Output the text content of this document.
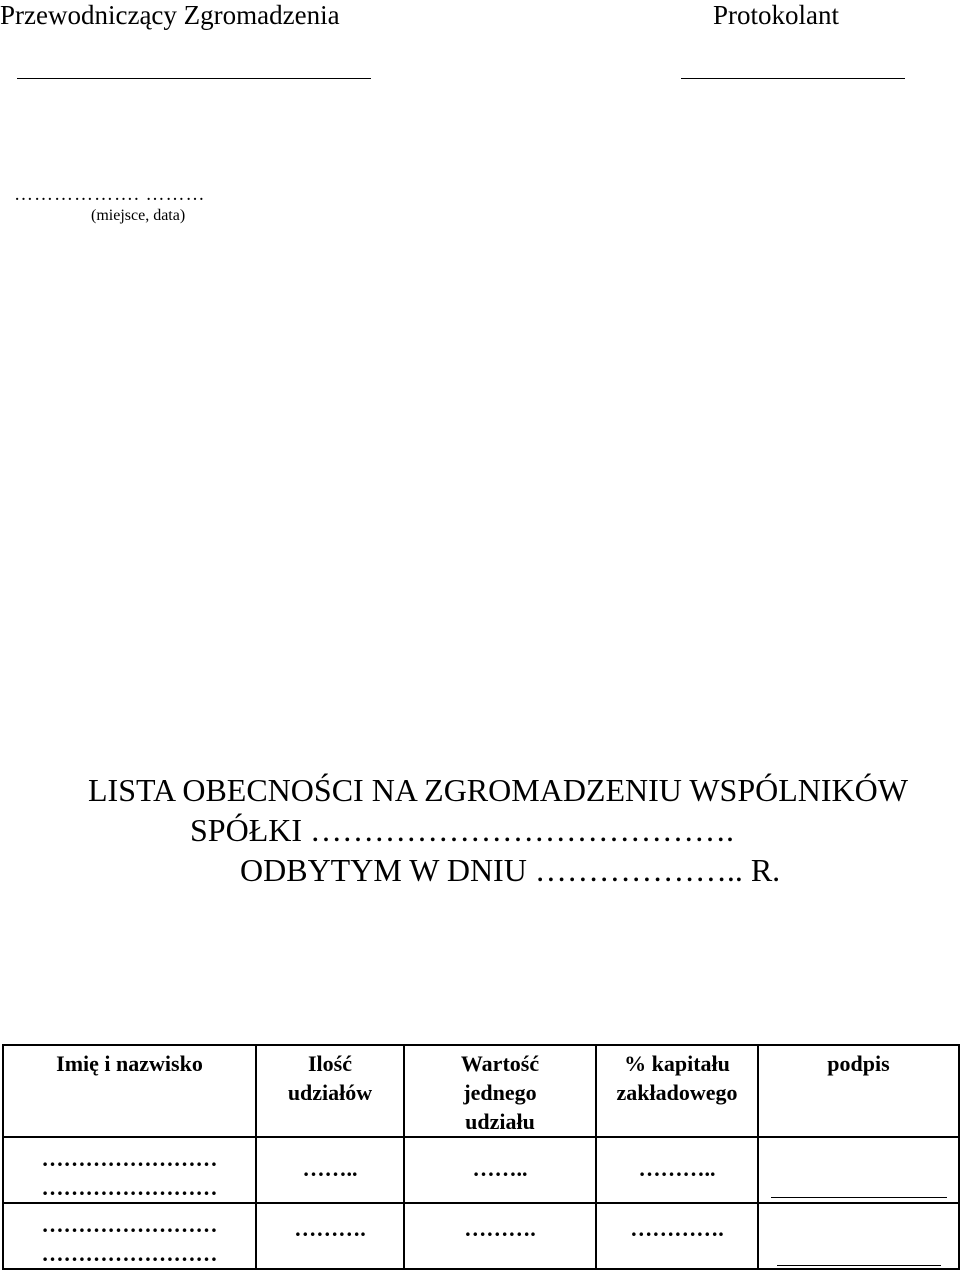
Przewodniczący Zgromadzenia	Protokolant
………………. ………
(miejsce, data)
LISTA OBECNOŚCI NA ZGROMADZENIU WSPÓLNIKÓW
SPÓŁKI ………………………………….
ODBYTYM W DNIU ……………….. R.
Imię i nazwisko	Ilość udziałów	Wartość jednego udziału	% kapitału zakładowego	podpis

……………………
……………………	……..	……..	………..	

……………………
……………………	……….	……….	………….	
